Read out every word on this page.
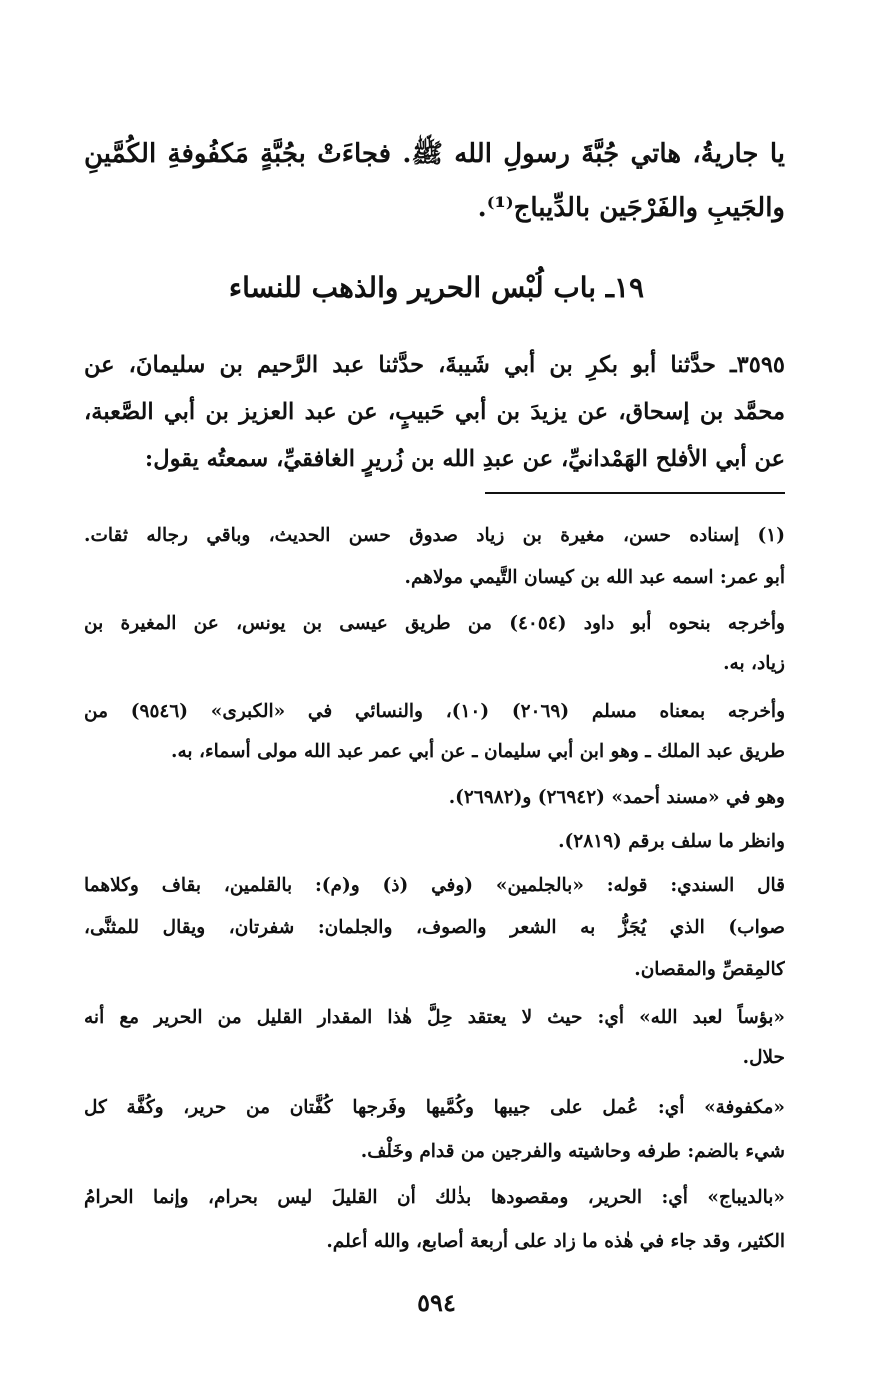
يا جاريةُ، هاتي جُبَّةَ رسولِ الله ﷺ. فجاءَتْ بجُبَّةٍ مَكفُوفةِ الكُمَّينِ
والجَيبِ والفَرْجَين بالدِّيباج⁽¹⁾.
١٩ـ باب لُبْس الحرير والذهب للنساء
٣٥٩٥ـ حدَّثنا أبو بكرِ بن أبي شَيبةَ، حدَّثنا عبد الرَّحيم بن سليمانَ، عن
محمَّد بن إسحاق، عن يزيدَ بن أبي حَبيبٍ، عن عبد العزيز بن أبي الصَّعبة،
عن أبي الأفلح الهَمْدانيِّ، عن عبدِ الله بن زُريرٍ الغافقيِّ، سمعتُه يقول:
(١) إسناده حسن، مغيرة بن زياد صدوق حسن الحديث، وباقي رجاله ثقات.
أبو عمر: اسمه عبد الله بن كيسان التَّيمي مولاهم.
وأخرجه بنحوه أبو داود (٤٠٥٤) من طريق عيسى بن يونس، عن المغيرة بن
زياد، به.
وأخرجه بمعناه مسلم (٢٠٦٩) (١٠)، والنسائي في «الكبرى» (٩٥٤٦) من
طريق عبد الملك ـ وهو ابن أبي سليمان ـ عن أبي عمر عبد الله مولى أسماء، به.
وهو في «مسند أحمد» (٢٦٩٤٢) و(٢٦٩٨٢).
وانظر ما سلف برقم (٢٨١٩).
قال السندي: قوله: «بالجلمين» (وفي (ذ) و(م): بالقلمين، بقاف وكلاهما
صواب) الذي يُجَزُّ به الشعر والصوف، والجلمان: شفرتان، ويقال للمثنَّى،
كالمِقصِّ والمقصان.
«بؤساً لعبد الله» أي: حيث لا يعتقد حِلَّ هٰذا المقدار القليل من الحرير مع أنه
حلال.
«مكفوفة» أي: عُمل على جيبها وكُمَّيها وفَرجها كُفَّتان من حرير، وكُفَّة كل
شيء بالضم: طرفه وحاشيته والفرجين من قدام وخَلْف.
«بالديباج» أي: الحرير، ومقصودها بذٰلك أن القليلَ ليس بحرام، وإنما الحرامُ
الكثير، وقد جاء في هٰذه ما زاد على أربعة أصابع، والله أعلم.
٥٩٤
